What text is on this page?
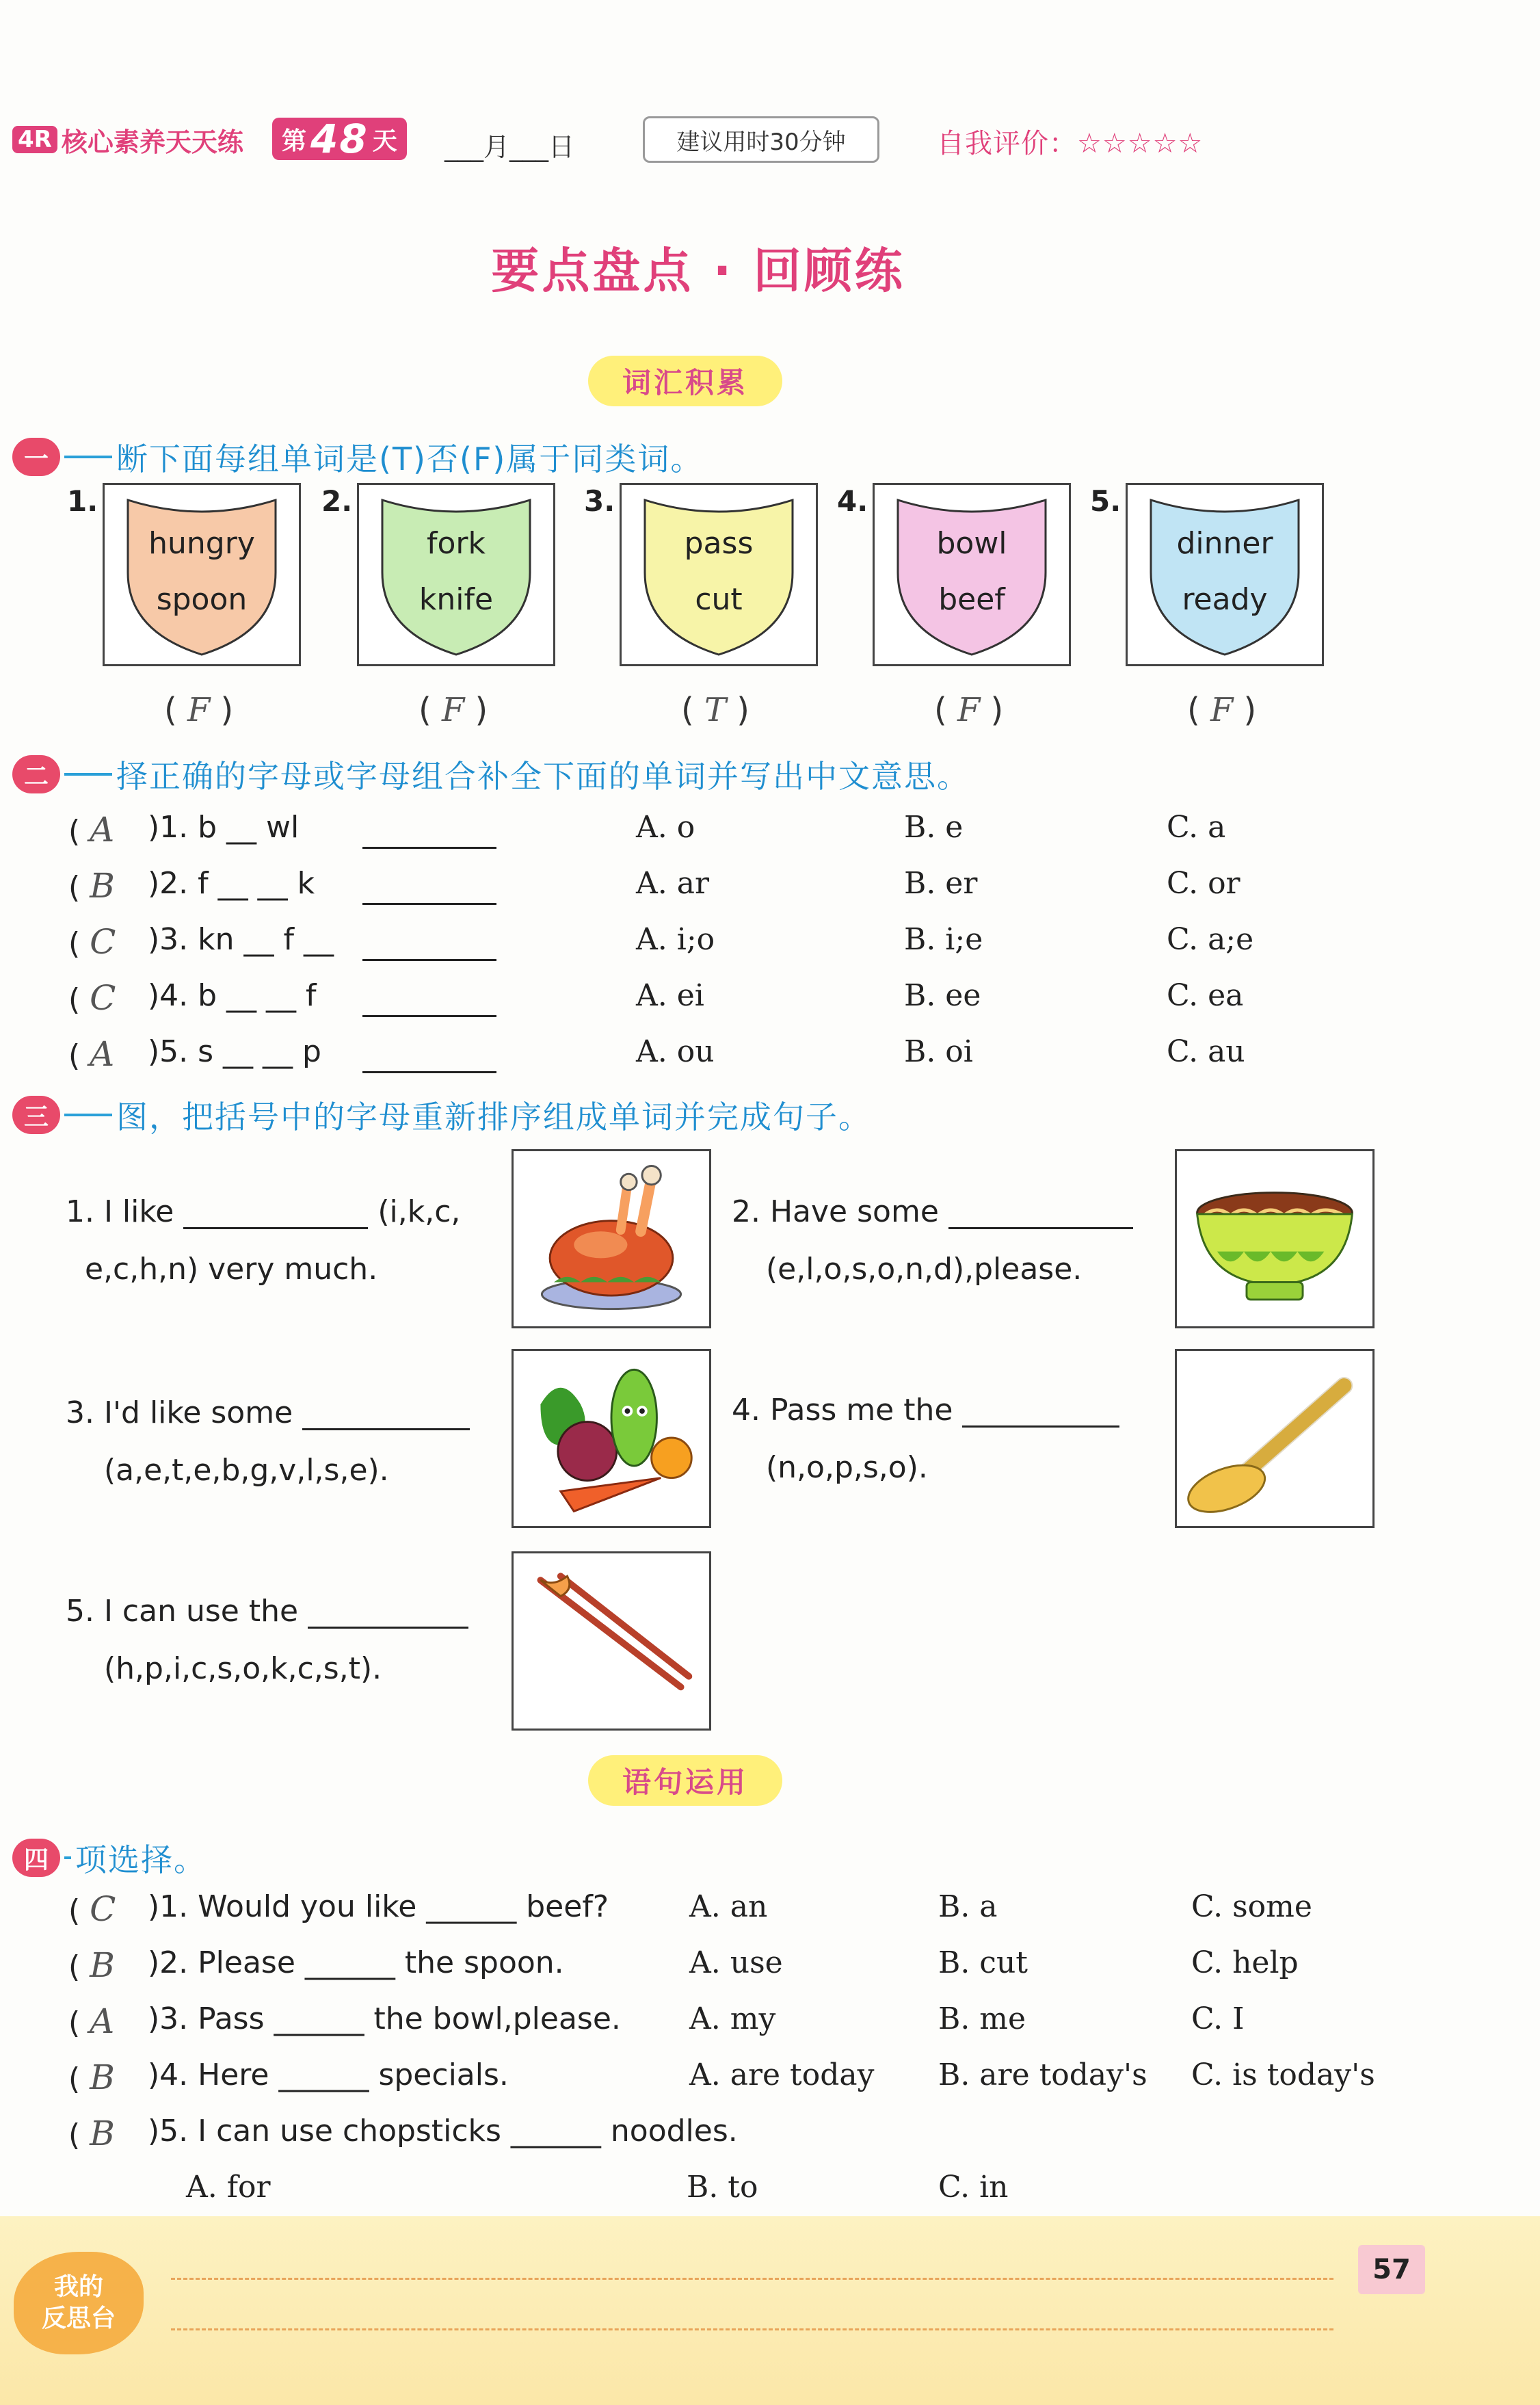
4R 核心素养天天练 第 48 天 ___月___日	建议用时30分钟	自我评价：☆☆☆☆☆
要点盘点 · 回顾练
词汇积累
一	断下面每组单词是(T)否(F)属于同类词。
1.
hungry
spoon
( F )
2.
fork
knife
( F )
3.
pass
cut
( T )
4.
bowl
beef
( F )
5.
dinner
ready
( F )
二	择正确的字母或字母组合补全下面的单词并写出中文意思。
( A )1. b __ wl	A. o	B. e	C. a
( B )2. f __ __ k	A. ar	B. er	C. or
( C )3. kn __ f __	A. i;o	B. i;e	C. a;e
( C )4. b __ __ f	A. ei	B. ee	C. ea
( A )5. s __ __ p	A. ou	B. oi	C. au
三	图，把括号中的字母重新排序组成单词并完成句子。
1. I like	(i,k,c,
e,c,h,n) very much.
2. Have some
(e,l,o,s,o,n,d),please.
3. I'd like some
(a,e,t,e,b,g,v,l,s,e).
4. Pass me the
(n,o,p,s,o).
5. I can use the
(h,p,i,c,s,o,k,c,s,t).
语句运用
四 项选择。
( C )1. Would you like ______ beef?	A. an	B. a	C. some
( B )2. Please ______ the spoon.	A. use	B. cut	C. help
( A )3. Pass ______ the bowl,please. A. my	B. me	C. I
( B )4. Here ______ specials.	A. are today B. are today's C. is today's
( B )5. I can use chopsticks ______ noodles.
A. for	B. to	C. in
我的
反思台
57
